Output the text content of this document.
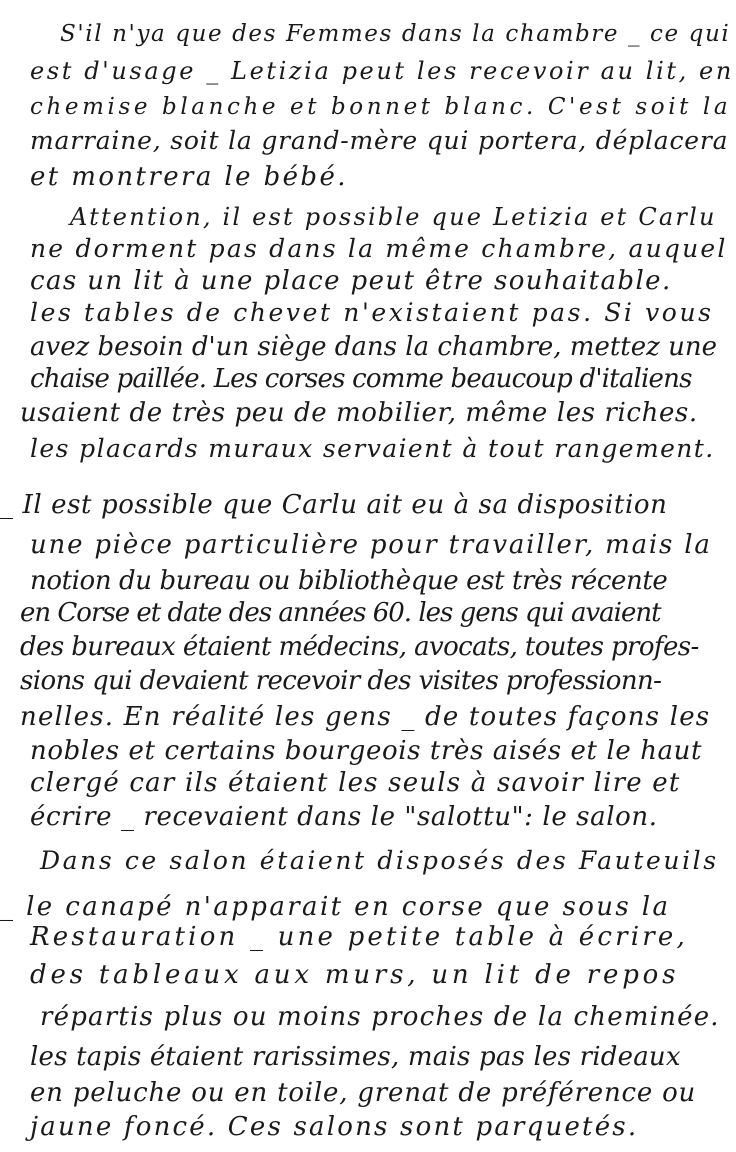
S'il n'ya que des Femmes dans la chambre _ ce qui

est d'usage _ Letizia peut les recevoir au lit, en

chemise blanche et bonnet blanc. C'est soit la

marraine, soit la grand-mère qui portera, déplacera

et montrera le bébé.

Attention, il est possible que Letizia et Carlu

ne dorment pas dans la même chambre, auquel

cas un lit à une place peut être souhaitable.

les tables de chevet n'existaient pas. Si vous

avez besoin d'un siège dans la chambre, mettez une

chaise paillée. Les corses comme beaucoup d'italiens

usaient de très peu de mobilier, même les riches.

les placards muraux servaient à tout rangement.

_ Il est possible que Carlu ait eu à sa disposition

une pièce particulière pour travailler, mais la

notion du bureau ou bibliothèque est très récente

en Corse et date des années 60. les gens qui avaient

des bureaux étaient médecins, avocats, toutes profes-

sions qui devaient recevoir des visites professionn-

nelles. En réalité les gens _ de toutes façons les

nobles et certains bourgeois très aisés et le haut

clergé car ils étaient les seuls à savoir lire et

écrire _ recevaient dans le "salottu": le salon.

Dans ce salon étaient disposés des Fauteuils

_ le canapé n'apparait en corse que sous la

Restauration _ une petite table à écrire,

des tableaux aux murs, un lit de repos

répartis plus ou moins proches de la cheminée.

les tapis étaient rarissimes, mais pas les rideaux

en peluche ou en toile, grenat de préférence ou

jaune foncé. Ces salons sont parquetés.
